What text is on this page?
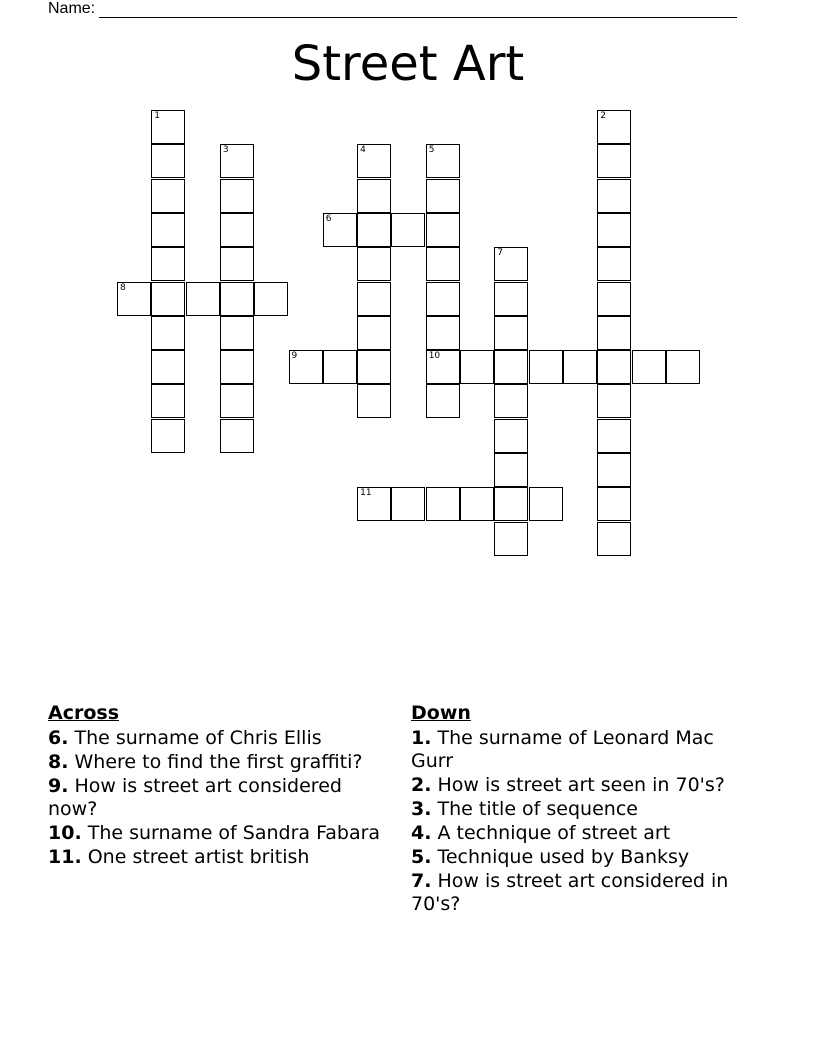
Name:
Street Art
1	2
3	4	5
10
6
7
8
9
11
Across
6. The surname of Chris Ellis
8. Where to find the first graffiti?
9. How is street art considered now?
10. The surname of Sandra Fabara
11. One street artist british
Down
1. The surname of Leonard Mac Gurr
2. How is street art seen in 70's?
3. The title of sequence
4. A technique of street art
5. Technique used by Banksy
7. How is street art considered in 70's?
